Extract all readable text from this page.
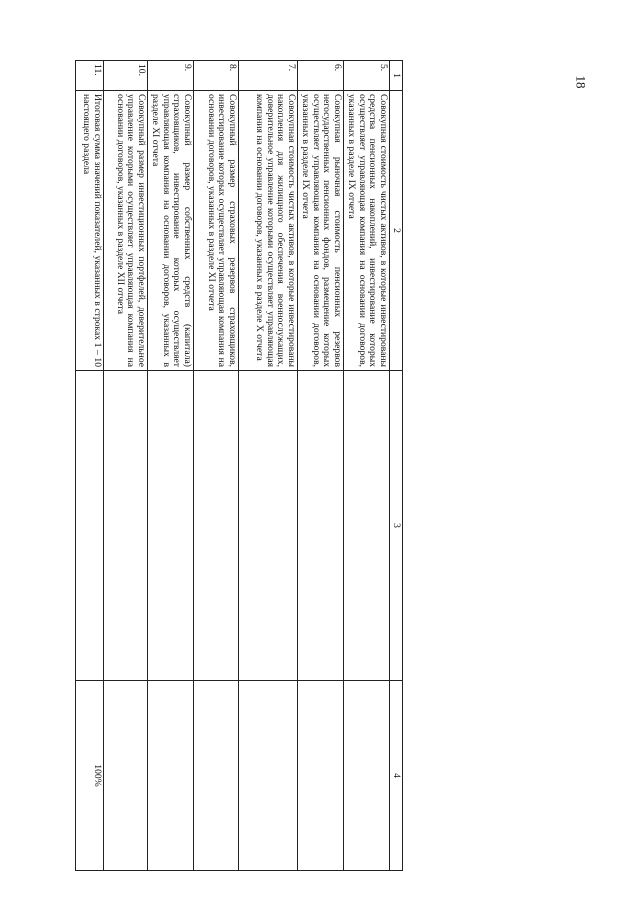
18
1	2	3	4
5.	Совокупная стоимость чистых активов, в которые инвестированы средства пенсионных накоплений, инвестирование которых осуществляет управляющая компания на основании договоров, указанных в разделе IX отчета		
6.	Совокупная рыночная стоимость пенсионных резервов негосударственных пенсионных фондов, размещение которых осуществляет управляющая компания на основании договоров, указанных в разделе IX отчета		
7.	Совокупная стоимость чистых активов, в которые инвестированы накопления для жилищного обеспечения военнослужащих, доверительное управление которыми осуществляет управляющая компания на основании договоров, указанных в разделе X отчета		
8.	Совокупный размер страховых резервов страховщиков, инвестирование которых осуществляет управляющая компания на основании договоров, указанных в разделе XI отчета		
9.	Совокупный размер собственных средств (капитала) страховщиков, инвестирование которых осуществляет управляющая компания на основании договоров, указанных в разделе XI отчета		
10.	Совокупный размер инвестиционных портфелей, доверительное управление которыми осуществляет управляющая компания на основании договоров, указанных в разделе XII отчета		
11.	Итоговая сумма значений показателей, указанных в строках 1 – 10 настоящего раздела		100%
